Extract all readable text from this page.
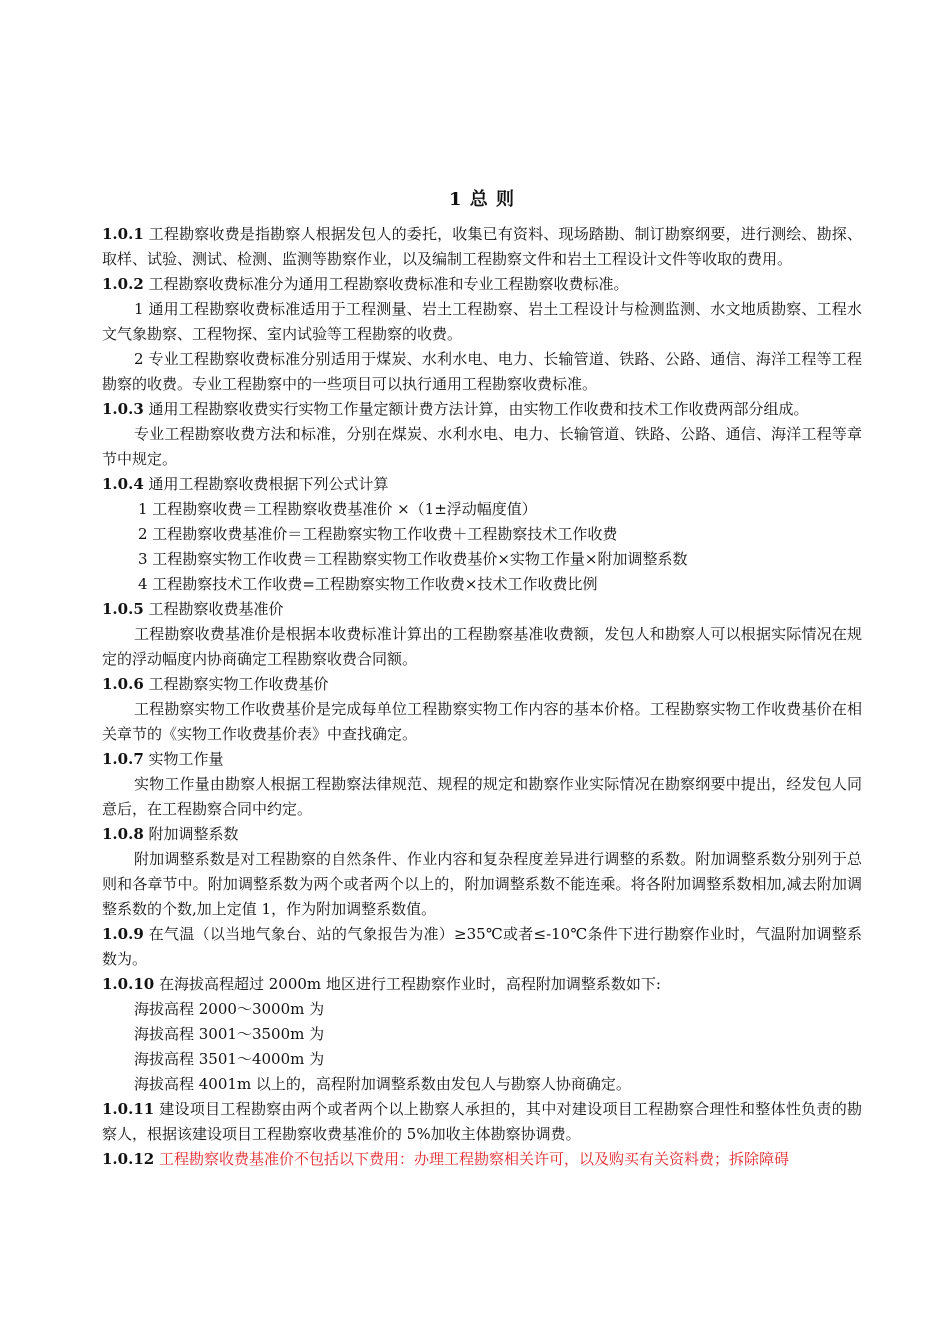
1 总 则

1.0.1 工程勘察收费是指勘察人根据发包人的委托，收集已有资料、现场踏勘、制订勘察纲要，进行测绘、勘探、取样、试验、测试、检测、监测等勘察作业，以及编制工程勘察文件和岩土工程设计文件等收取的费用。

1.0.2 工程勘察收费标准分为通用工程勘察收费标准和专业工程勘察收费标准。

1 通用工程勘察收费标准适用于工程测量、岩土工程勘察、岩土工程设计与检测监测、水文地质勘察、工程水文气象勘察、工程物探、室内试验等工程勘察的收费。

2 专业工程勘察收费标准分别适用于煤炭、水利水电、电力、长输管道、铁路、公路、通信、海洋工程等工程勘察的收费。专业工程勘察中的一些项目可以执行通用工程勘察收费标准。

1.0.3 通用工程勘察收费实行实物工作量定额计费方法计算，由实物工作收费和技术工作收费两部分组成。

专业工程勘察收费方法和标准，分别在煤炭、水利水电、电力、长输管道、铁路、公路、通信、海洋工程等章节中规定。

1.0.4 通用工程勘察收费根据下列公式计算

1 工程勘察收费＝工程勘察收费基准价 ×（1±浮动幅度值）

2 工程勘察收费基准价＝工程勘察实物工作收费＋工程勘察技术工作收费

3 工程勘察实物工作收费＝工程勘察实物工作收费基价×实物工作量×附加调整系数

4 工程勘察技术工作收费=工程勘察实物工作收费×技术工作收费比例

1.0.5 工程勘察收费基准价

工程勘察收费基准价是根据本收费标准计算出的工程勘察基准收费额，发包人和勘察人可以根据实际情况在规定的浮动幅度内协商确定工程勘察收费合同额。

1.0.6 工程勘察实物工作收费基价

工程勘察实物工作收费基价是完成每单位工程勘察实物工作内容的基本价格。工程勘察实物工作收费基价在相关章节的《实物工作收费基价表》中查找确定。

1.0.7 实物工作量

实物工作量由勘察人根据工程勘察法律规范、规程的规定和勘察作业实际情况在勘察纲要中提出，经发包人同意后，在工程勘察合同中约定。

1.0.8 附加调整系数

附加调整系数是对工程勘察的自然条件、作业内容和复杂程度差异进行调整的系数。附加调整系数分别列于总则和各章节中。附加调整系数为两个或者两个以上的，附加调整系数不能连乘。将各附加调整系数相加,减去附加调整系数的个数,加上定值 1，作为附加调整系数值。

1.0.9 在气温（以当地气象台、站的气象报告为准）≥35℃或者≤-10℃条件下进行勘察作业时，气温附加调整系数为。

1.0.10 在海拔高程超过 2000m 地区进行工程勘察作业时，高程附加调整系数如下:

海拔高程 2000～3000m 为

海拔高程 3001～3500m 为

海拔高程 3501～4000m 为

海拔高程 4001m 以上的，高程附加调整系数由发包人与勘察人协商确定。

1.0.11 建设项目工程勘察由两个或者两个以上勘察人承担的，其中对建设项目工程勘察合理性和整体性负责的勘察人，根据该建设项目工程勘察收费基准价的 5%加收主体勘察协调费。

1.0.12 工程勘察收费基准价不包括以下费用：办理工程勘察相关许可，以及购买有关资料费；拆除障碍
